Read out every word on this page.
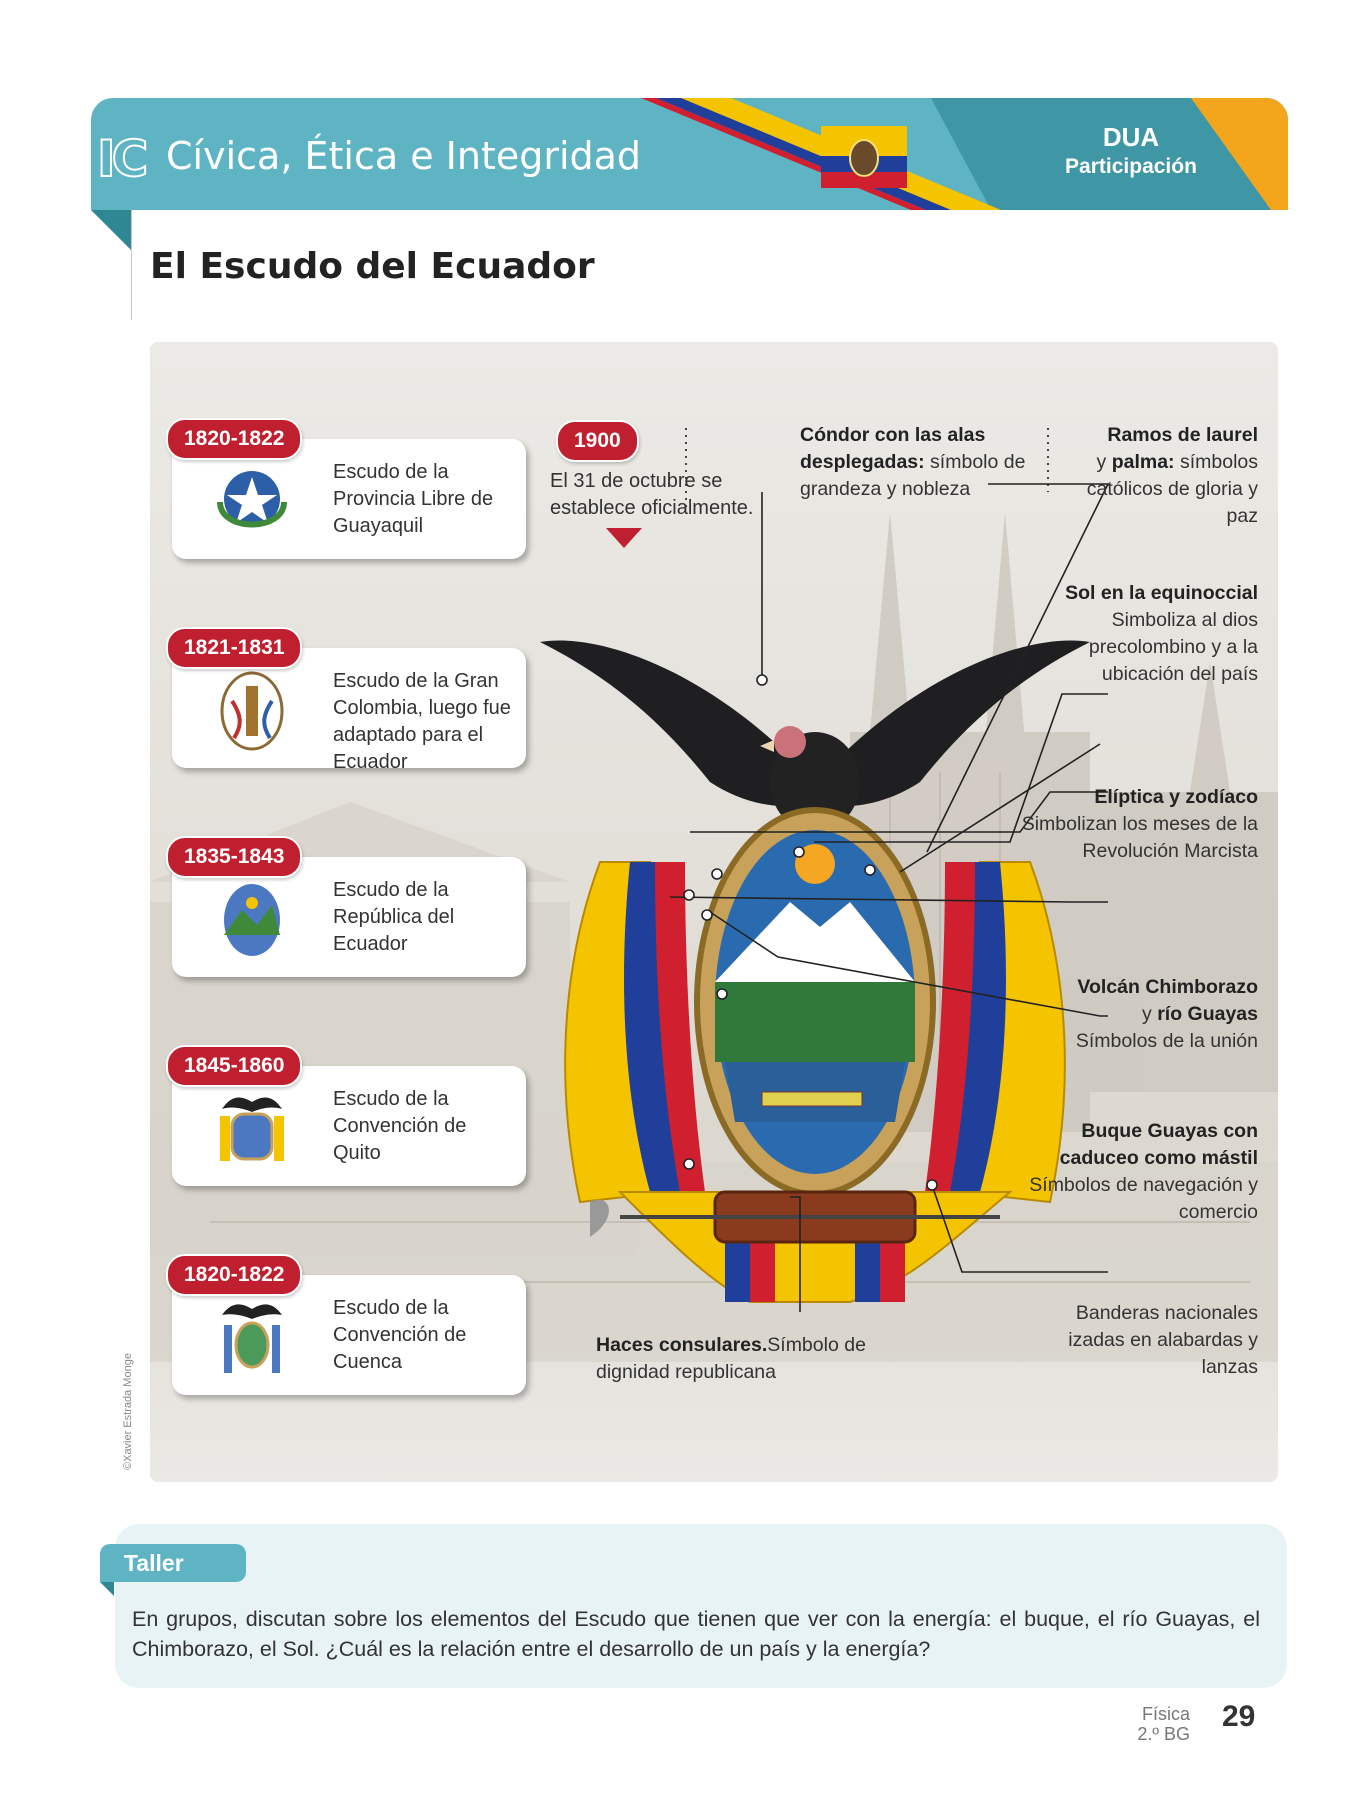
IC Cívica, Ética e Integridad	DUA
Participación
El Escudo del Ecuador
Escudo de la Provincia Libre de Guayaquil
1820-1822
Escudo de la Gran Colombia, luego fue adaptado para el Ecuador
1821-1831
Escudo de la República del Ecuador
1835-1843
Escudo de la Convención de Quito
1845-1860
Escudo de la Convención de Cuenca
1820-1822
1900
El 31 de octubre se establece oficialmente.
Cóndor con las alas desplegadas: símbolo de grandeza y nobleza
Ramos de laurel
y palma: símbolos católicos de gloria y paz
Sol en la equinoccial
Simboliza al dios precolombino y a la ubicación del país
Elíptica y zodíaco
Simbolizan los meses de la Revolución Marcista
Volcán Chimborazo
y río Guayas
Símbolos de la unión
Buque Guayas con caduceo como mástil
Símbolos de navegación y comercio
Banderas nacionales izadas en alabardas y lanzas
Haces consulares.Símbolo de dignidad republicana
©Xavier Estrada Monge
Taller
En grupos, discutan sobre los elementos del Escudo que tienen que ver con la energía: el buque, el río Guayas, el Chimborazo, el Sol. ¿Cuál es la relación entre el desarrollo de un país y la energía?
Física
2.º BG
29
